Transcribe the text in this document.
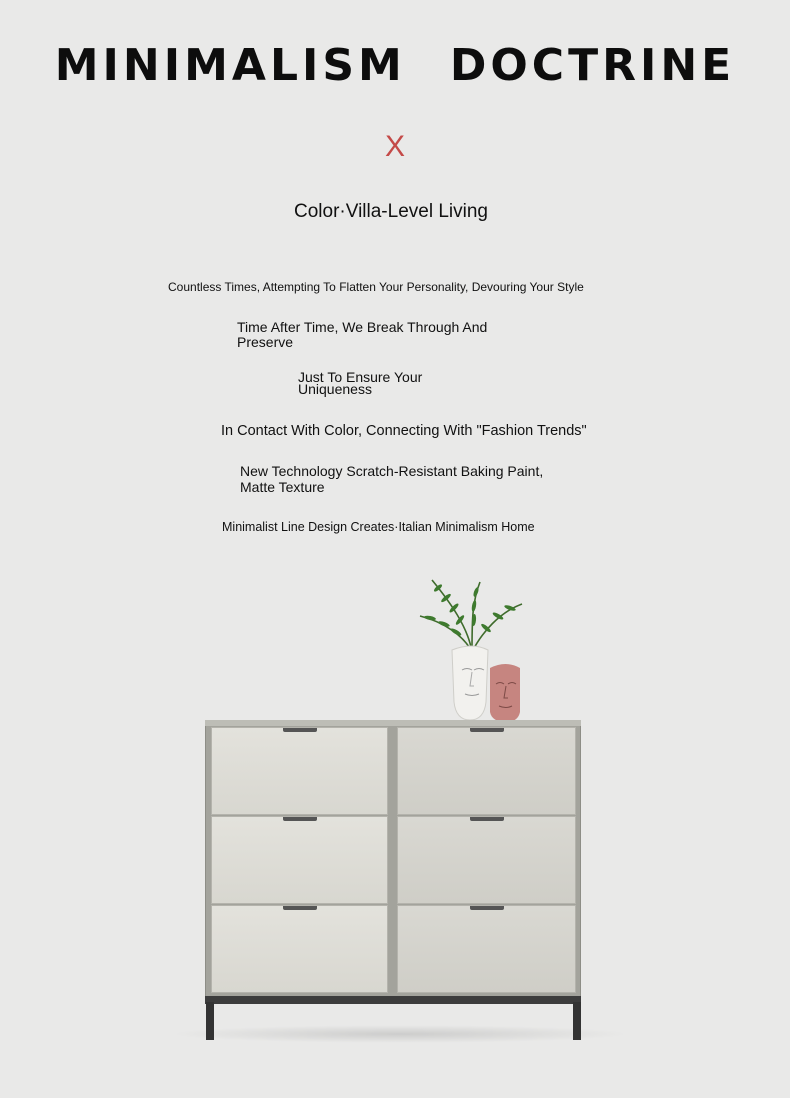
MINIMALISM DOCTRINE
X
Color·Villa-Level Living
Countless Times, Attempting To Flatten Your Personality, Devouring Your Style
Time After Time, We Break Through And Preserve
Just To Ensure Your Uniqueness
In Contact With Color, Connecting With "Fashion Trends"
New Technology Scratch-Resistant Baking Paint, Matte Texture
Minimalist Line Design Creates·Italian Minimalism Home
